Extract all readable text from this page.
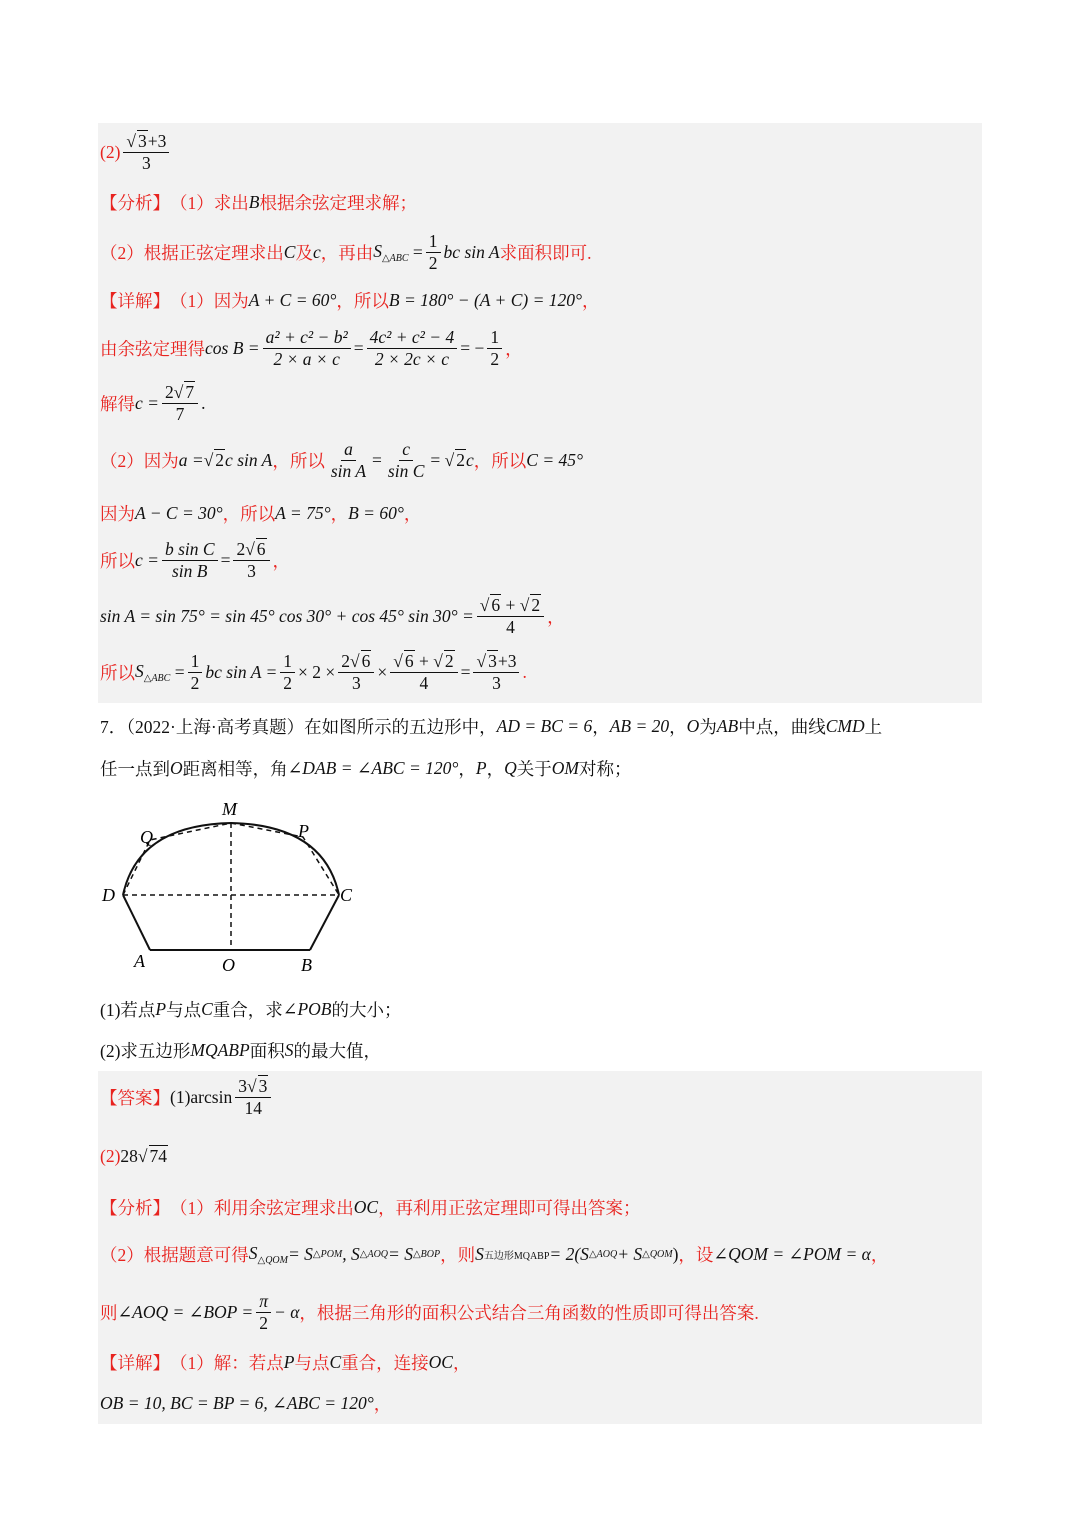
$(2) \frac{√ 3+3}{3}$
【分析】 （1）求出 B 根据余弦定理求解；
（2）根据正弦定理求出 C 及 c ，再由 $S_{\triangle ABC} = \frac{1}{2}$ bc sin A 求面积即可.
【详解】 （1）因为 A + C = 60° ，所以 B = 180° − (A + C) = 120° ，
由余弦定理得 $\cos B = \frac{\text{a² + c² − b²}}{2 \times a \times c} = \frac{\text{4c² + c² − 4}}{2 \times 2c \times c}$ = − $\frac{1}{2}$ ，
解得 $c = \frac{2√ 7}{7}$ .
（2）因为 a = √ 2 c sin A ，所以 $\frac{a}{\text{sin A}} = \frac{c}{\text{sin C}}$ = √ 2 c ，所以 C = 45°
因为 A − C = 30° ，所以 A = 75° ， B = 60° ，
所以 $c = \frac{\text{b sin C}}{\text{sin B}} = \frac{2√ 6}{3}$ ，
sin A = sin 75° = sin 45° cos 30° + cos 45° $\sin 30^\circ = \frac{√ 6 + √ 2}{4}$ ，
所以 $S_{\triangle ABC} = \frac{1}{2}$ bc $\sin A = \frac{1}{2} \times 2 \times \frac{2√ 6}{3} \times \frac{√ 6 + √ 2}{4} = \frac{√ 3+3}{3}$ .
7．（2022·上海·高考真题）在如图所示的五边形中， AD = BC = 6 ， AB = 20 ， O 为 AB 中点，曲线 CMD 上
任一点到 O 距离相等，角 ∠DAB = ∠ABC = 120° ， P ， Q 关于 OM 对称；
M
Q	P
D	C
A	O	B
(1)若点 P 与点 C 重合，求 ∠POB 的大小；
(2)求五边形 MQABP 面积 S 的最大值，
【答案】 $(1)\arcsin \frac{3√ 3}{14}$
(2) 28 √ 74
【分析】 （1）利用余弦定理求出 OC ，再利用正弦定理即可得出答案；
（2）根据题意可得 $S_{\triangle QOM} = S$ △POM , S △AOQ = S △BOP ，则 S 五边形MQABP = 2(S △AOQ + S △QOM ) ，设 ∠QOM = ∠POM = α ，
则 ∠AOQ = ∠BOP = $\frac{\pi}{2} - \alpha$ ，根据三角形的面积公式结合三角函数的性质即可得出答案.
【详解】 （1）解：若点 P 与点 C 重合，连接 OC ，
OB = 10, BC = BP = 6, ∠ABC = 120° ，
